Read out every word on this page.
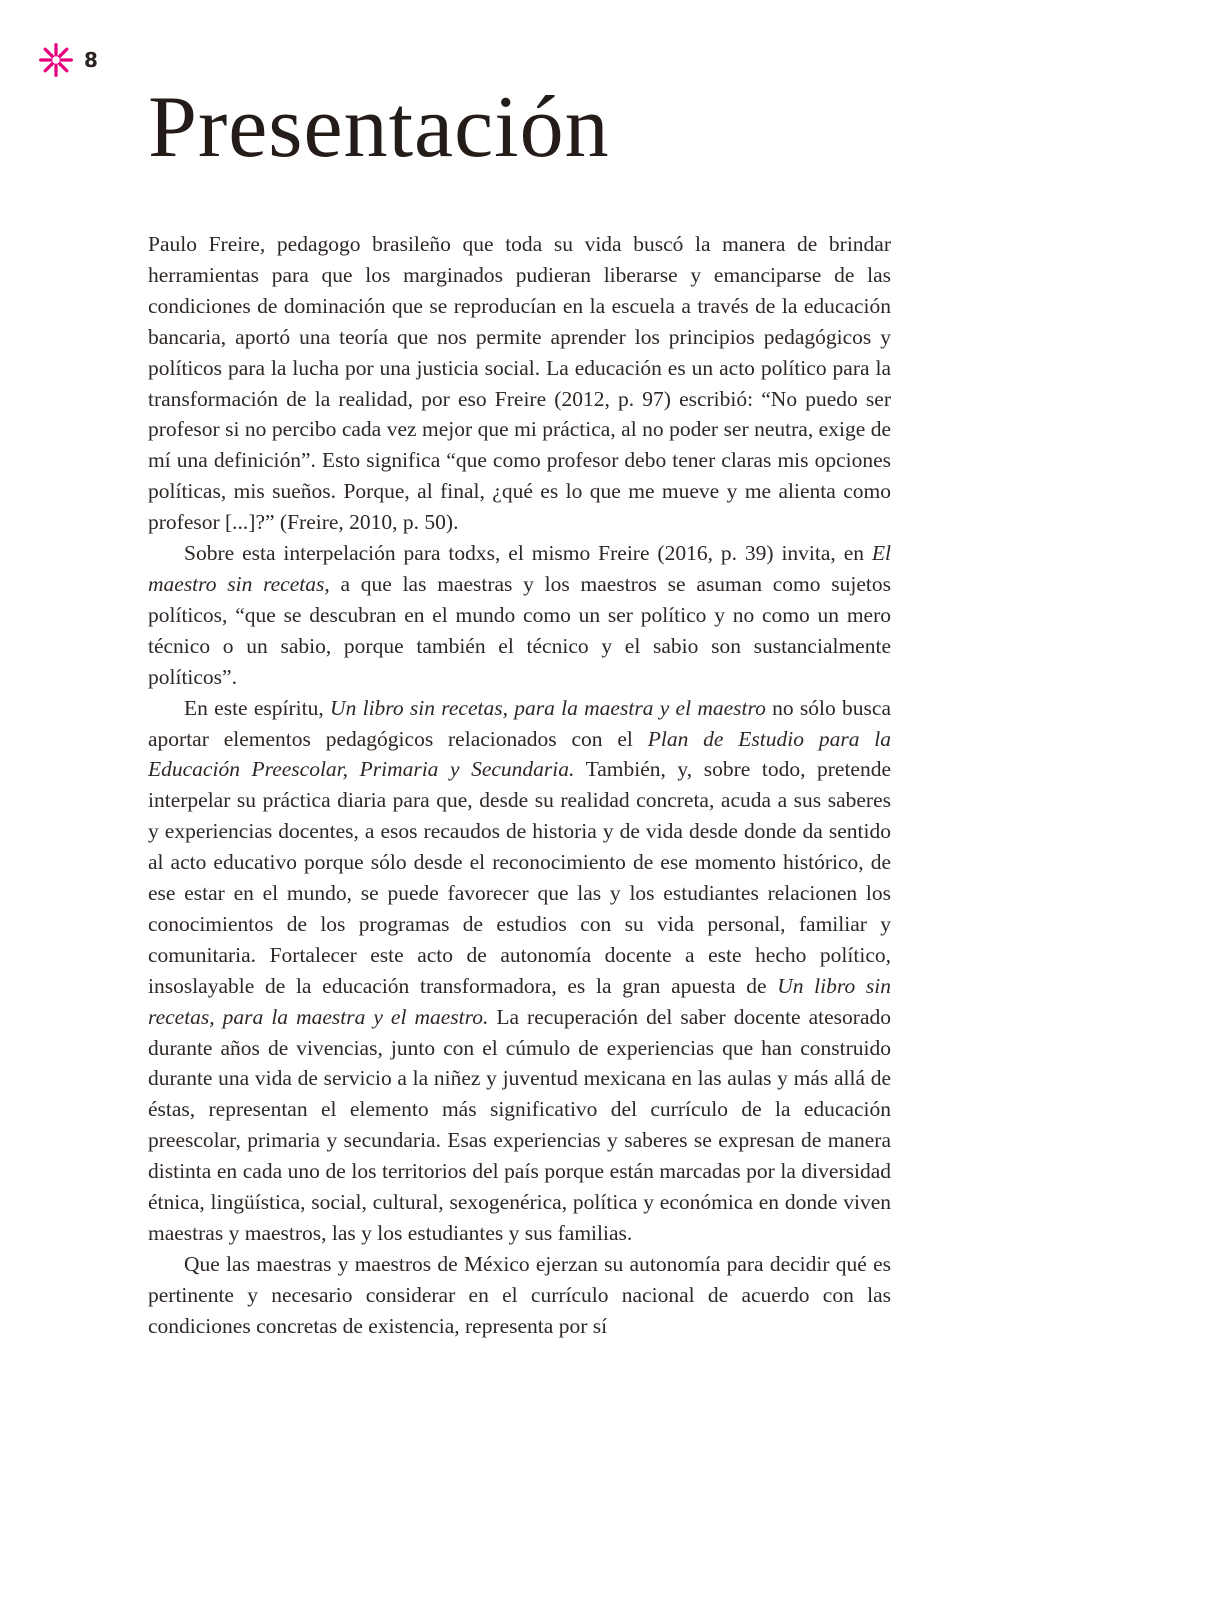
8
Presentación

Paulo Freire, pedagogo brasileño que toda su vida buscó la manera de brindar herramientas para que los marginados pudieran liberarse y emanciparse de las condiciones de dominación que se reproducían en la escuela a través de la educación bancaria, aportó una teoría que nos permite aprender los principios pedagógicos y políticos para la lucha por una justicia social. La educación es un acto político para la transformación de la realidad, por eso Freire (2012, p. 97) escribió: “No puedo ser profesor si no percibo cada vez mejor que mi práctica, al no poder ser neutra, exige de mí una definición”. Esto significa “que como profesor debo tener claras mis opciones políticas, mis sueños. Porque, al final, ¿qué es lo que me mueve y me alienta como profesor [...]?” (Freire, 2010, p. 50).

Sobre esta interpelación para todxs, el mismo Freire (2016, p. 39) invita, en El maestro sin recetas, a que las maestras y los maestros se asuman como sujetos políticos, “que se descubran en el mundo como un ser político y no como un mero técnico o un sabio, porque también el técnico y el sabio son sustancialmente políticos”.

En este espíritu, Un libro sin recetas, para la maestra y el maestro no sólo busca aportar elementos pedagógicos relacionados con el Plan de Estudio para la Educación Preescolar, Primaria y Secundaria. También, y, sobre todo, pretende interpelar su práctica diaria para que, desde su realidad concreta, acuda a sus saberes y experiencias docentes, a esos recaudos de historia y de vida desde donde da sentido al acto educativo porque sólo desde el reconocimiento de ese momento histórico, de ese estar en el mundo, se puede favorecer que las y los estudiantes relacionen los conocimientos de los programas de estudios con su vida personal, familiar y comunitaria. Fortalecer este acto de autonomía docente a este hecho político, insoslayable de la educación transformadora, es la gran apuesta de Un libro sin recetas, para la maestra y el maestro. La recuperación del saber docente atesorado durante años de vivencias, junto con el cúmulo de experiencias que han construido durante una vida de servicio a la niñez y juventud mexicana en las aulas y más allá de éstas, representan el elemento más significativo del currículo de la educación preescolar, primaria y secundaria. Esas experiencias y saberes se expresan de manera distinta en cada uno de los territorios del país porque están marcadas por la diversidad étnica, lingüística, social, cultural, sexogenérica, política y económica en donde viven maestras y maestros, las y los estudiantes y sus familias.

Que las maestras y maestros de México ejerzan su autonomía para decidir qué es pertinente y necesario considerar en el currículo nacional de acuerdo con las condiciones concretas de existencia, representa por sí
